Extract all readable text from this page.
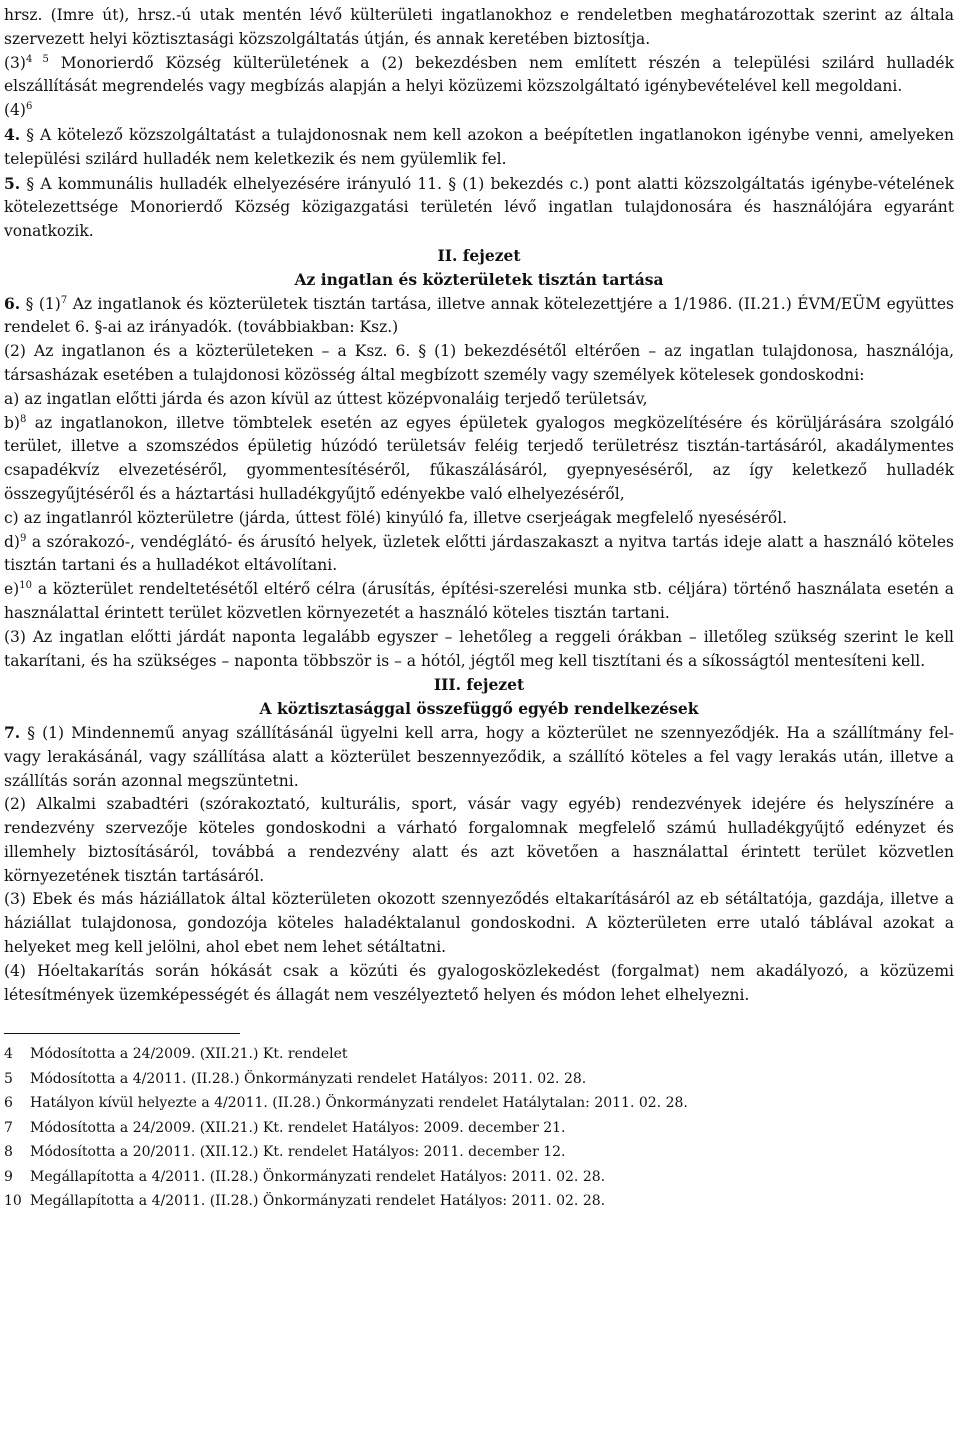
hrsz. (Imre út), hrsz.-ú utak mentén lévő külterületi ingatlanokhoz e rendeletben meghatározottak szerint az általa szervezett helyi köztisztasági közszolgáltatás útján, és annak keretében biztosítja.

$(3)^{4 5}$ Monorierdő Község külterületének a (2) bekezdésben nem említett részén a települési szilárd hulladék elszállítását megrendelés vagy megbízás alapján a helyi közüzemi közszolgáltató igénybevételével kell megoldani.

$(4)^6$

4. § A kötelező közszolgáltatást a tulajdonosnak nem kell azokon a beépítetlen ingatlanokon igénybe venni, amelyeken települési szilárd hulladék nem keletkezik és nem gyülemlik fel.

5. § A kommunális hulladék elhelyezésére irányuló 11. § (1) bekezdés c.) pont alatti közszolgáltatás igénybe-vételének kötelezettsége Monorierdő Község közigazgatási területén lévő ingatlan tulajdonosára és használójára egyaránt vonatkozik.

II. fejezet

Az ingatlan és közterületek tisztán tartása

6. § $(1)^7$ Az ingatlanok és közterületek tisztán tartása, illetve annak kötelezettjére a 1/1986. (II.21.) ÉVM/EÜM együttes rendelet 6. §-ai az irányadók. (továbbiakban: Ksz.)

(2) Az ingatlanon és a közterületeken – a Ksz. 6. § (1) bekezdésétől eltérően – az ingatlan tulajdonosa, használója, társasházak esetében a tulajdonosi közösség által megbízott személy vagy személyek kötelesek gondoskodni:

a) az ingatlan előtti járda és azon kívül az úttest középvonaláig terjedő területsáv,

b)$^8$ az ingatlanokon, illetve tömbtelek esetén az egyes épületek gyalogos megközelítésére és körüljárására szolgáló terület, illetve a szomszédos épületig húzódó területsáv feléig terjedő területrész tisztán-tartásáról, akadálymentes csapadékvíz elvezetéséről, gyommentesítéséről, fűkaszálásáról, gyepnyeséséről, az így keletkező hulladék összegyűjtéséről és a háztartási hulladékgyűjtő edényekbe való elhelyezéséről,

c) az ingatlanról közterületre (járda, úttest fölé) kinyúló fa, illetve cserjeágak megfelelő nyeséséről.

d)$^9$ a szórakozó-, vendéglátó- és árusító helyek, üzletek előtti járdaszakaszt a nyitva tartás ideje alatt a használó köteles tisztán tartani és a hulladékot eltávolítani.

e)$^{10}$ a közterület rendeltetésétől eltérő célra (árusítás, építési-szerelési munka stb. céljára) történő használata esetén a használattal érintett terület közvetlen környezetét a használó köteles tisztán tartani.

(3) Az ingatlan előtti járdát naponta legalább egyszer – lehetőleg a reggeli órákban – illetőleg szükség szerint le kell takarítani, és ha szükséges – naponta többször is – a hótól, jégtől meg kell tisztítani és a síkosságtól mentesíteni kell.

III. fejezet

A köztisztasággal összefüggő egyéb rendelkezések

7. § (1) Mindennemű anyag szállításánál ügyelni kell arra, hogy a közterület ne szennyeződjék. Ha a szállítmány fel-vagy lerakásánál, vagy szállítása alatt a közterület beszennyeződik, a szállító köteles a fel vagy lerakás után, illetve a szállítás során azonnal megszüntetni.

(2) Alkalmi szabadtéri (szórakoztató, kulturális, sport, vásár vagy egyéb) rendezvények idejére és helyszínére a rendezvény szervezője köteles gondoskodni a várható forgalomnak megfelelő számú hulladékgyűjtő edényzet és illemhely biztosításáról, továbbá a rendezvény alatt és azt követően a használattal érintett terület közvetlen környezetének tisztán tartásáról.

(3) Ebek és más háziállatok által közterületen okozott szennyeződés eltakarításáról az eb sétáltatója, gazdája, illetve a háziállat tulajdonosa, gondozója köteles haladéktalanul gondoskodni. A közterületen erre utaló táblával azokat a helyeket meg kell jelölni, ahol ebet nem lehet sétáltatni.

(4) Hóeltakarítás során hókását csak a közúti és gyalogosközlekedést (forgalmat) nem akadályozó, a közüzemi létesítmények üzemképességét és állagát nem veszélyeztető helyen és módon lehet elhelyezni.

4 Módosította a 24/2009. (XII.21.) Kt. rendelet

5 Módosította a 4/2011. (II.28.) Önkormányzati rendelet Hatályos: 2011. 02. 28.

6 Hatályon kívül helyezte a 4/2011. (II.28.) Önkormányzati rendelet Hatálytalan: 2011. 02. 28.

7 Módosította a 24/2009. (XII.21.) Kt. rendelet Hatályos: 2009. december 21.

8 Módosította a 20/2011. (XII.12.) Kt. rendelet Hatályos: 2011. december 12.

9 Megállapította a 4/2011. (II.28.) Önkormányzati rendelet Hatályos: 2011. 02. 28.

10 Megállapította a 4/2011. (II.28.) Önkormányzati rendelet Hatályos: 2011. 02. 28.
